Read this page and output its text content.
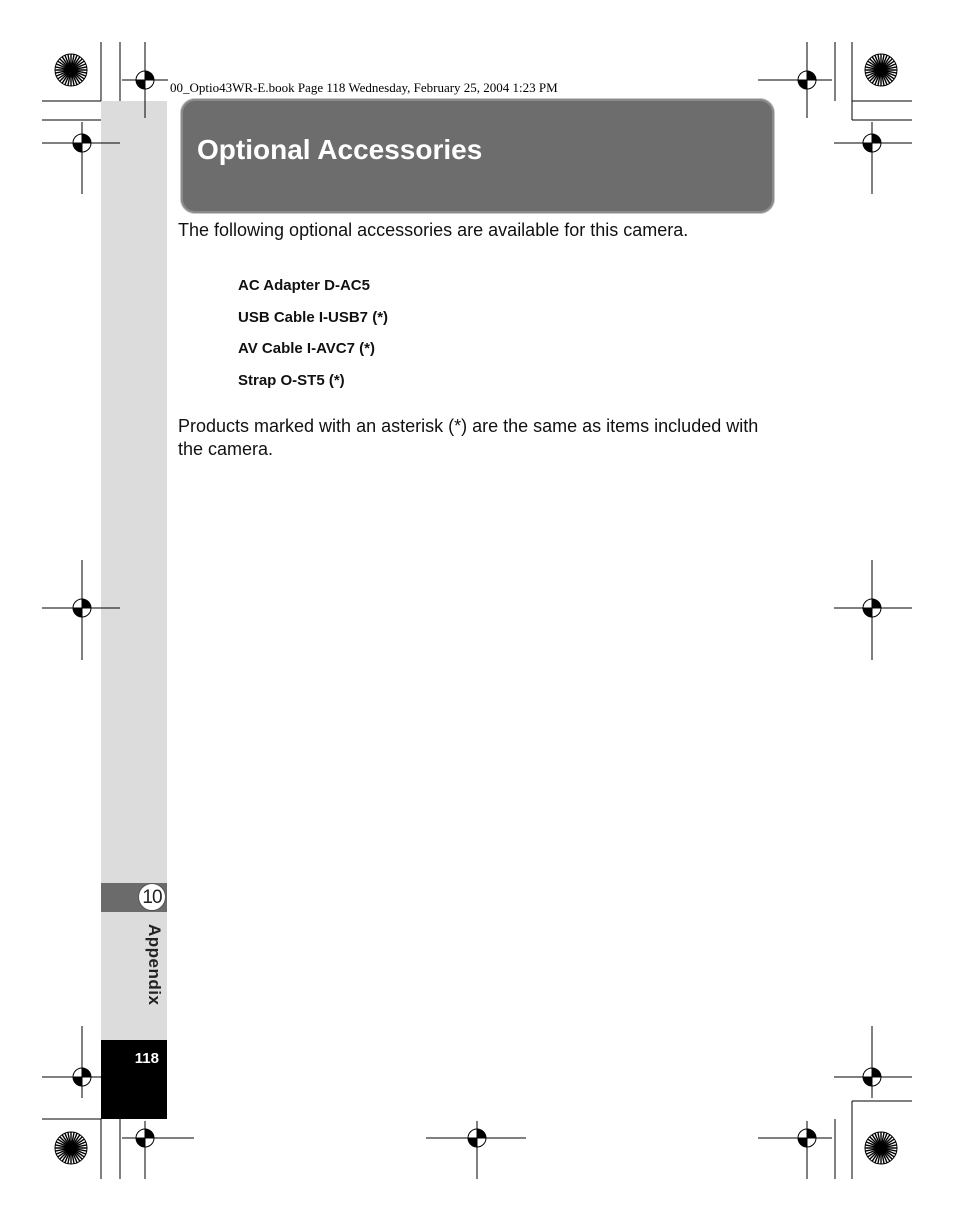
10
Appendix
118
00_Optio43WR-E.book Page 118 Wednesday, February 25, 2004 1:23 PM
Optional Accessories
The following optional accessories are available for this camera.
AC Adapter D-AC5
USB Cable I-USB7 (*)
AV Cable I-AVC7 (*)
Strap O-ST5 (*)
Products marked with an asterisk (*) are the same as items included with the camera.
